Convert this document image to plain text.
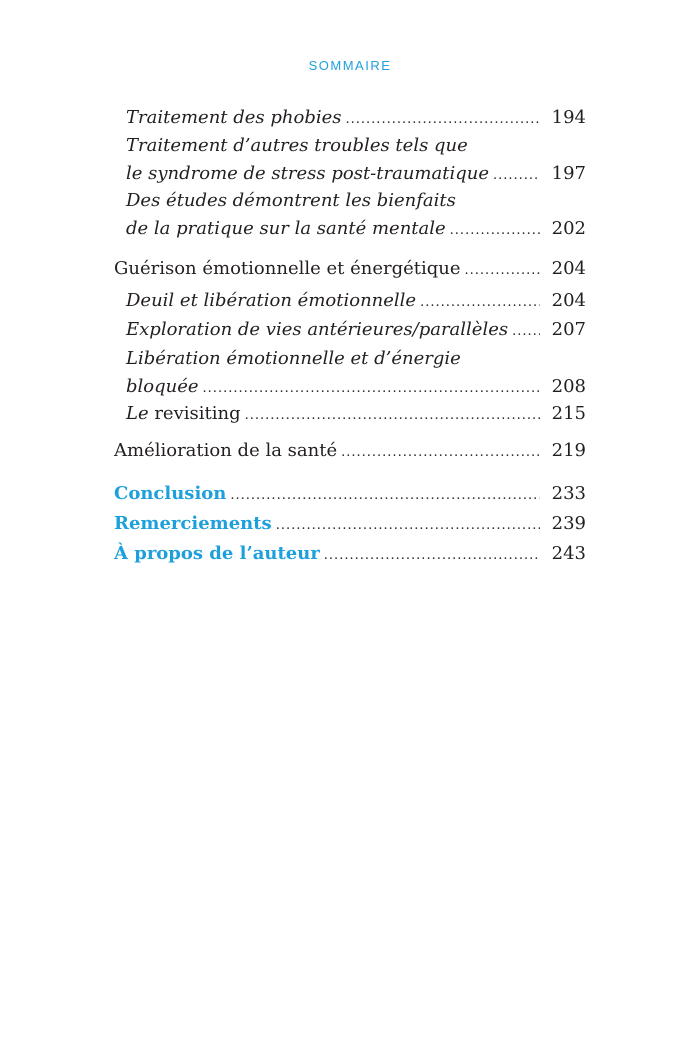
SOMMAIRE
Traitement des phobies .....	194
Traitement d’autres troubles tels que
le syndrome de stress post-traumatique .....	197
Des études démontrent les bienfaits
de la pratique sur la santé mentale .....	202
Guérison émotionnelle et énergétique .....	204
Deuil et libération émotionnelle .....	204
Exploration de vies antérieures/parallèles ..... 207
Libération émotionnelle et d’énergie
bloquée .....	208
Le revisiting .....	215
Amélioration de la santé .....	219
Conclusion .....	233
Remerciements .....	239
À propos de l’auteur .....	243
